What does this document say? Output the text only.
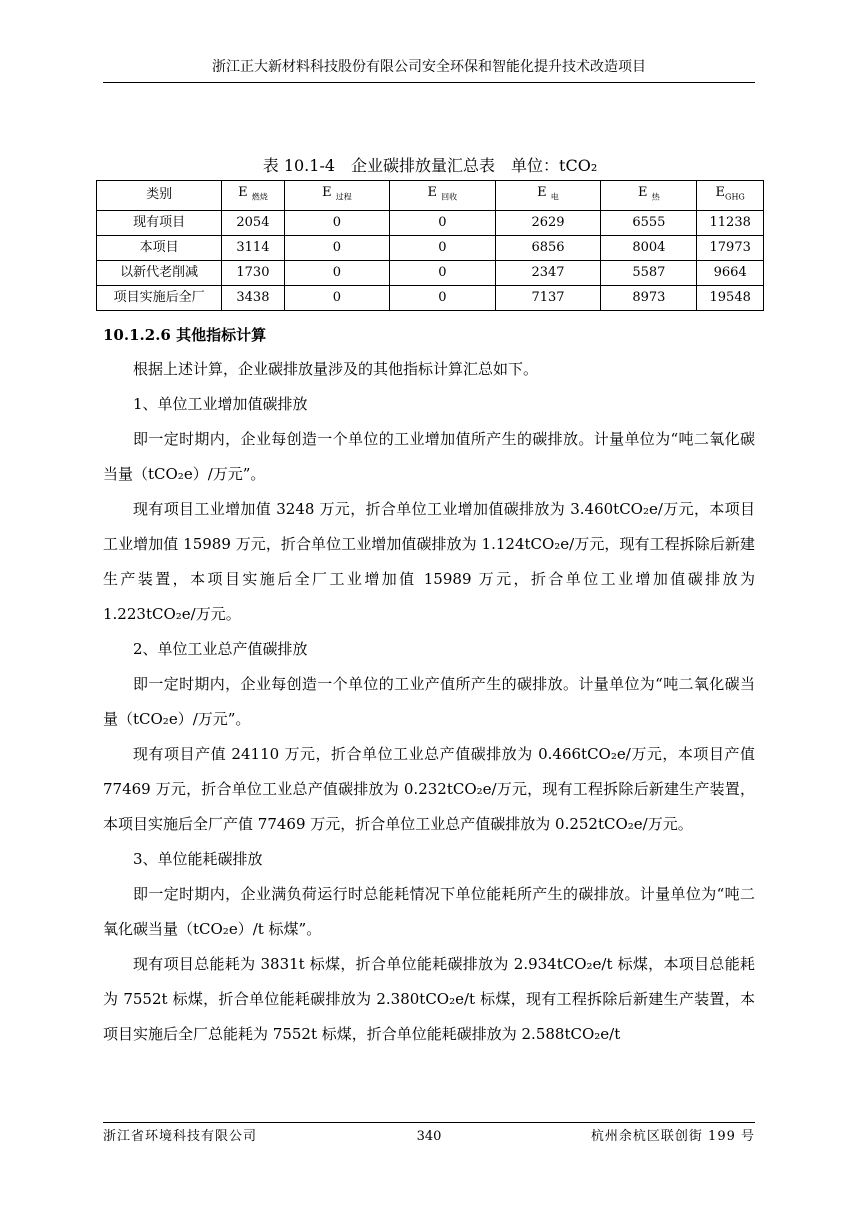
浙江正大新材料科技股份有限公司安全环保和智能化提升技术改造项目
表 10.1-4　企业碳排放量汇总表　单位：tCO₂
类别	E $_{燃烧}$	E $_{过程}$	E $_{回收}$	E $_电$	E $_热$	$E_{GHG}$
现有项目	2054	0	0	2629	6555	11238
本项目	3114	0	0	6856	8004	17973
以新代老削减	1730	0	0	2347	5587	9664
项目实施后全厂	3438	0	0	7137	8973	19548

10.1.2.6 其他指标计算

根据上述计算，企业碳排放量涉及的其他指标计算汇总如下。

1、单位工业增加值碳排放

即一定时期内，企业每创造一个单位的工业增加值所产生的碳排放。计量单位为“吨二氧化碳当量（tCO₂e）/万元”。

现有项目工业增加值 3248 万元，折合单位工业增加值碳排放为 3.460tCO₂e/万元，本项目工业增加值 15989 万元，折合单位工业增加值碳排放为 1.124tCO₂e/万元，现有工程拆除后新建生产装置，本项目实施后全厂工业增加值 15989 万元，折合单位工业增加值碳排放为 1.223tCO₂e/万元。

2、单位工业总产值碳排放

即一定时期内，企业每创造一个单位的工业产值所产生的碳排放。计量单位为“吨二氧化碳当量（tCO₂e）/万元”。

现有项目产值 24110 万元，折合单位工业总产值碳排放为 0.466tCO₂e/万元，本项目产值 77469 万元，折合单位工业总产值碳排放为 0.232tCO₂e/万元，现有工程拆除后新建生产装置，本项目实施后全厂产值 77469 万元，折合单位工业总产值碳排放为 0.252tCO₂e/万元。

3、单位能耗碳排放

即一定时期内，企业满负荷运行时总能耗情况下单位能耗所产生的碳排放。计量单位为“吨二氧化碳当量（tCO₂e）/t 标煤”。

现有项目总能耗为 3831t 标煤，折合单位能耗碳排放为 2.934tCO₂e/t 标煤，本项目总能耗为 7552t 标煤，折合单位能耗碳排放为 2.380tCO₂e/t 标煤，现有工程拆除后新建生产装置，本项目实施后全厂总能耗为 7552t 标煤，折合单位能耗碳排放为 2.588tCO₂e/t

浙江省环境科技有限公司	340	杭州余杭区联创街 199 号
